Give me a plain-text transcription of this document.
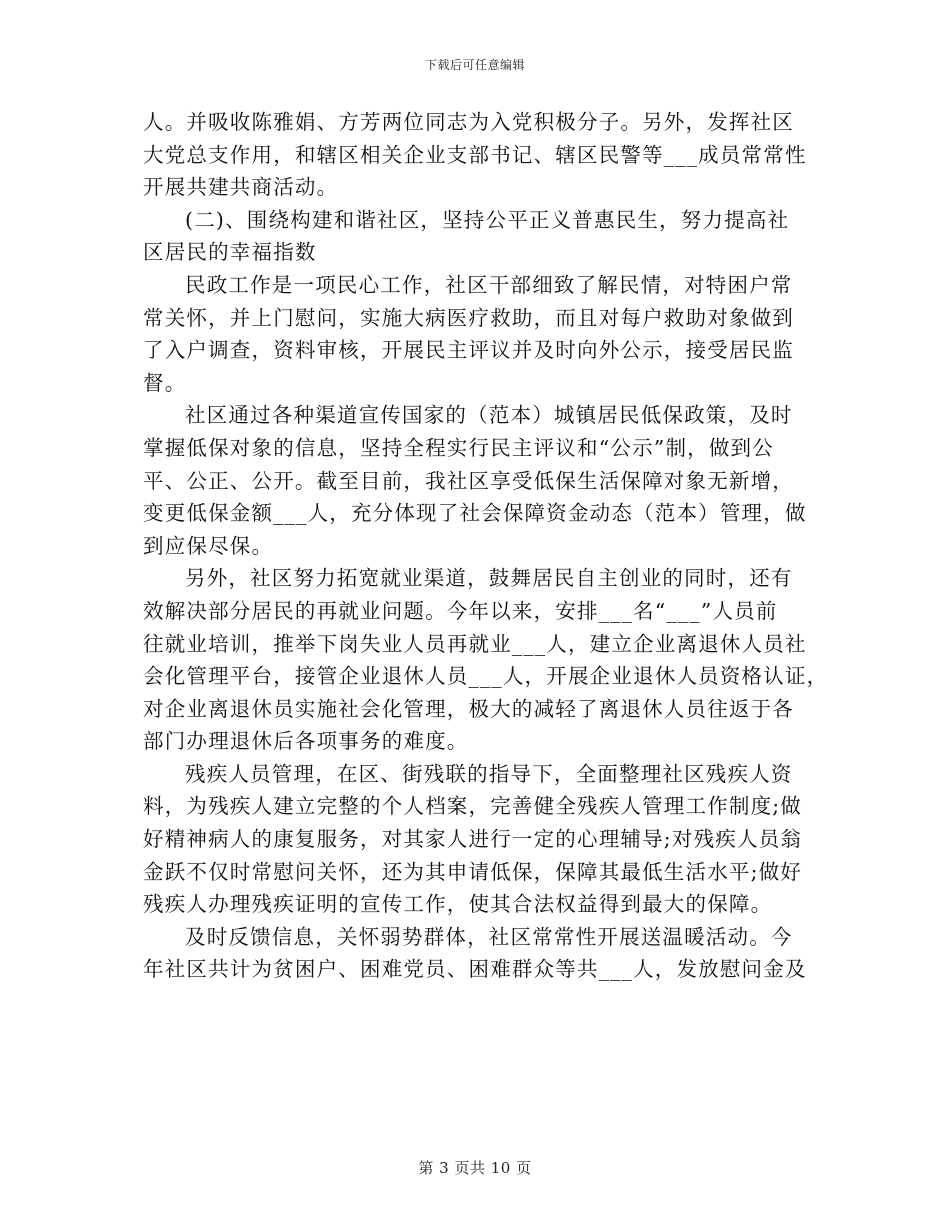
下载后可任意编辑

人。并吸收陈雅娟、方芳两位同志为入党积极分子。另外，发挥社区
大党总支作用，和辖区相关企业支部书记、辖区民警等___成员常常性
开展共建共商活动。

(二)、围绕构建和谐社区，坚持公平正义普惠民生，努力提高社
区居民的幸福指数

民政工作是一项民心工作，社区干部细致了解民情，对特困户常
常关怀，并上门慰问，实施大病医疗救助，而且对每户救助对象做到
了入户调查，资料审核，开展民主评议并及时向外公示，接受居民监
督。

社区通过各种渠道宣传国家的（范本）城镇居民低保政策，及时
掌握低保对象的信息，坚持全程实行民主评议和“公示”制，做到公
平、公正、公开。截至目前，我社区享受低保生活保障对象无新增，
变更低保金额___人，充分体现了社会保障资金动态（范本）管理，做
到应保尽保。

另外，社区努力拓宽就业渠道，鼓舞居民自主创业的同时，还有
效解决部分居民的再就业问题。今年以来，安排___名“___”人员前
往就业培训，推举下岗失业人员再就业___人，建立企业离退休人员社
会化管理平台，接管企业退休人员___人，开展企业退休人员资格认证，
对企业离退休员实施社会化管理，极大的减轻了离退休人员往返于各
部门办理退休后各项事务的难度。

残疾人员管理，在区、街残联的指导下，全面整理社区残疾人资
料，为残疾人建立完整的个人档案，完善健全残疾人管理工作制度;做
好精神病人的康复服务，对其家人进行一定的心理辅导;对残疾人员翁
金跃不仅时常慰问关怀，还为其申请低保，保障其最低生活水平;做好
残疾人办理残疾证明的宣传工作，使其合法权益得到最大的保障。

及时反馈信息，关怀弱势群体，社区常常性开展送温暖活动。今
年社区共计为贫困户、困难党员、困难群众等共___人，发放慰问金及

第 3 页共 10 页
